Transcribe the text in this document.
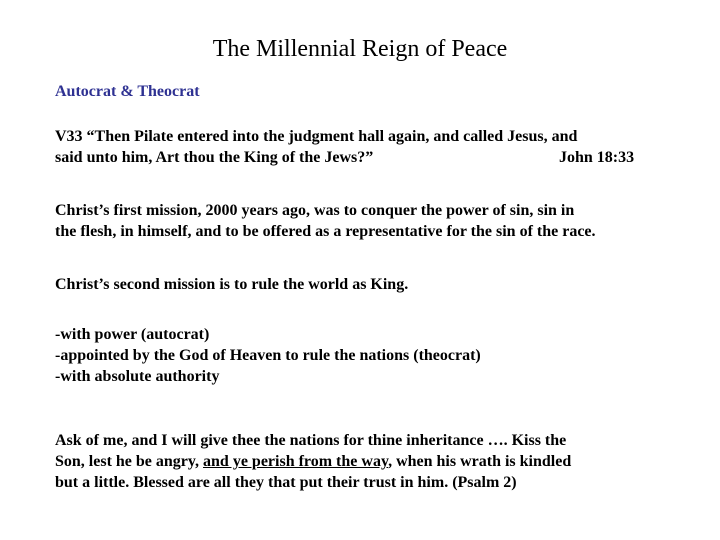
The Millennial Reign of Peace

Autocrat & Theocrat

V33 “Then Pilate entered into the judgment hall again, and called Jesus, and
said unto him, Art thou the King of the Jews?”	John 18:33
Christ’s first mission, 2000 years ago, was to conquer the power of sin, sin in
the flesh, in himself, and to be offered as a representative for the sin of the race.
Christ’s second mission is to rule the world as King.
-with power (autocrat)
-appointed by the God of Heaven to rule the nations (theocrat)
-with absolute authority
Ask of me, and I will give thee the nations for thine inheritance …. Kiss the
Son, lest he be angry, and ye perish from the way, when his wrath is kindled
but a little. Blessed are all they that put their trust in him. (Psalm 2)
